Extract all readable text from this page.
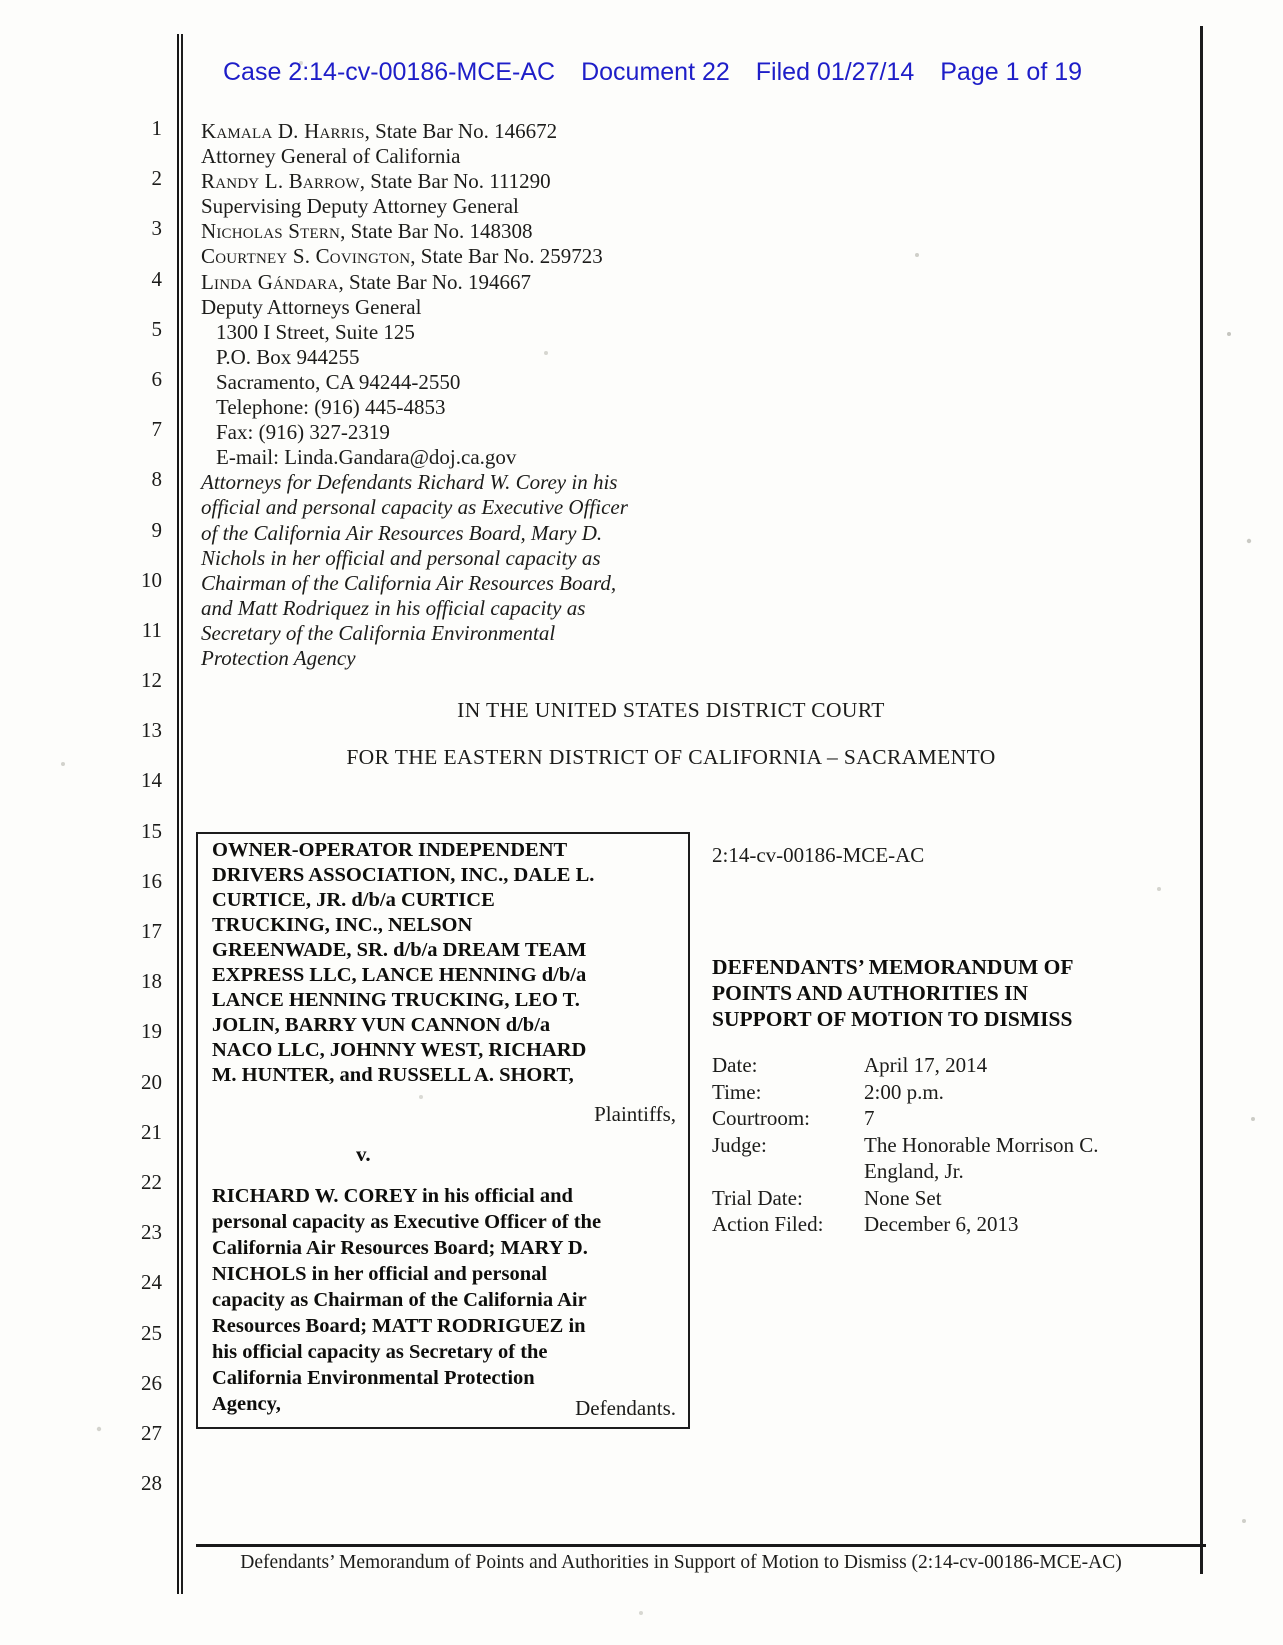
Case 2:14-cv-00186-MCE-AC Document 22 Filed 01/27/14 Page 1 of 19
1
2
3
4
5
6
7
8
9
10
11
12
13
14
15
16
17
18
19
20
21
22
23
24
25
26
27
28
Kamala D. Harris, State Bar No. 146672
Attorney General of California
Randy L. Barrow, State Bar No. 111290
Supervising Deputy Attorney General
Nicholas Stern, State Bar No. 148308
Courtney S. Covington, State Bar No. 259723
Linda Gándara, State Bar No. 194667
Deputy Attorneys General
1300 I Street, Suite 125
P.O. Box 944255
Sacramento, CA 94244-2550
Telephone: (916) 445-4853
Fax: (916) 327-2319
E-mail: Linda.Gandara@doj.ca.gov
Attorneys for Defendants Richard W. Corey in his
official and personal capacity as Executive Officer
of the California Air Resources Board, Mary D.
Nichols in her official and personal capacity as
Chairman of the California Air Resources Board,
and Matt Rodriquez in his official capacity as
Secretary of the California Environmental
Protection Agency
IN THE UNITED STATES DISTRICT COURT
FOR THE EASTERN DISTRICT OF CALIFORNIA – SACRAMENTO
OWNER-OPERATOR INDEPENDENT
DRIVERS ASSOCIATION, INC., DALE L.
CURTICE, JR. d/b/a CURTICE
TRUCKING, INC., NELSON
GREENWADE, SR. d/b/a DREAM TEAM
EXPRESS LLC, LANCE HENNING d/b/a
LANCE HENNING TRUCKING, LEO T.
JOLIN, BARRY VUN CANNON d/b/a
NACO LLC, JOHNNY WEST, RICHARD
M. HUNTER, and RUSSELL A. SHORT,
Plaintiffs,
v.
RICHARD W. COREY in his official and
personal capacity as Executive Officer of the
California Air Resources Board; MARY D.
NICHOLS in her official and personal
capacity as Chairman of the California Air
Resources Board; MATT RODRIGUEZ in
his official capacity as Secretary of the
California Environmental Protection
Agency,	Defendants.
2:14-cv-00186-MCE-AC
DEFENDANTS’ MEMORANDUM OF
POINTS AND AUTHORITIES IN
SUPPORT OF MOTION TO DISMISS
Date:	April 17, 2014
Time:	2:00 p.m.
Courtroom:	7
Judge:	The Honorable Morrison C.
England, Jr.
Trial Date:	None Set
Action Filed:	December 6, 2013
Defendants’ Memorandum of Points and Authorities in Support of Motion to Dismiss (2:14-cv-00186-MCE-AC)
